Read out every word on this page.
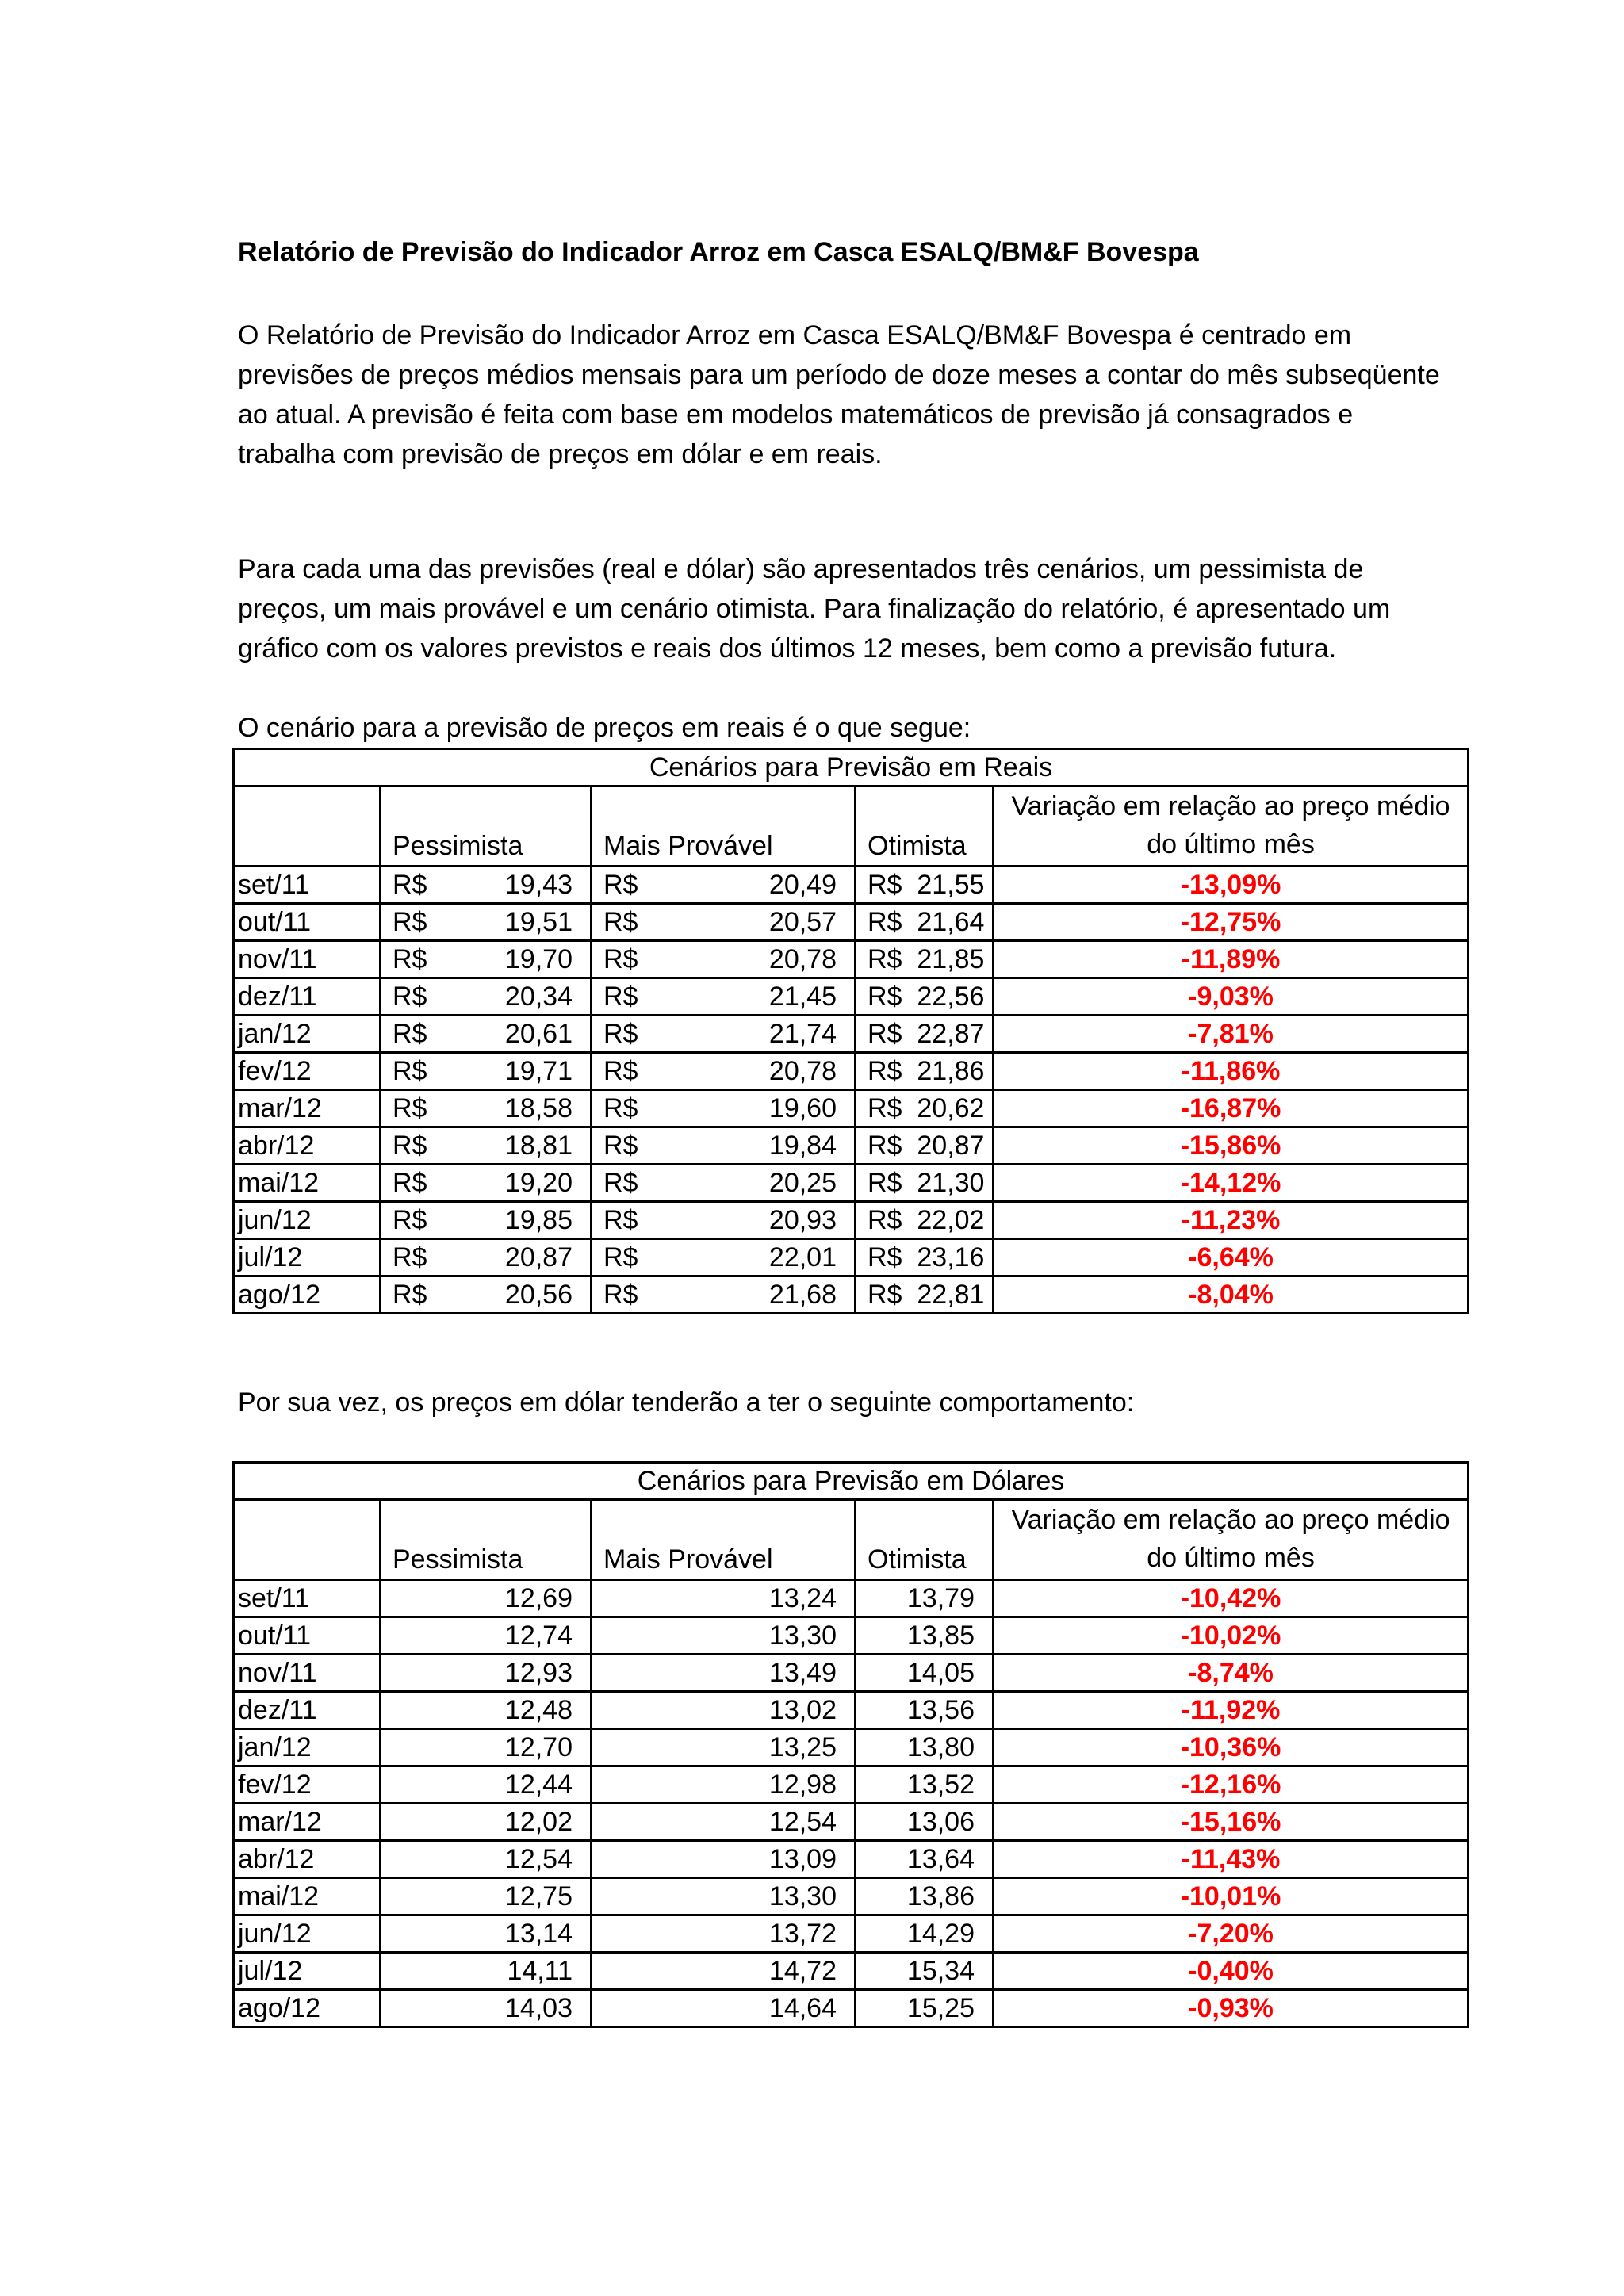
Relatório de Previsão do Indicador Arroz em Casca ESALQ/BM&F Bovespa
O Relatório de Previsão do Indicador Arroz em Casca ESALQ/BM&F Bovespa é centrado em
previsões de preços médios mensais para um período de doze meses a contar do mês subseqüente
ao atual. A previsão é feita com base em modelos matemáticos de previsão já consagrados e
trabalha com previsão de preços em dólar e em reais.
Para cada uma das previsões (real e dólar) são apresentados três cenários, um pessimista de
preços, um mais provável e um cenário otimista. Para finalização do relatório, é apresentado um
gráfico com os valores previstos e reais dos últimos 12 meses, bem como a previsão futura.
O cenário para a previsão de preços em reais é o que segue:
Cenários para Previsão em Reais				
	Pessimista	Mais Provável	Otimista	Variação em relação ao preço médio
do último mês

set/11	R$ 19,43	R$ 20,49	R$ 21,55	-13,09%
out/11	R$ 19,51	R$ 20,57	R$ 21,64	-12,75%
nov/11	R$ 19,70	R$ 20,78	R$ 21,85	-11,89%
dez/11	R$ 20,34	R$ 21,45	R$ 22,56	-9,03%
jan/12	R$ 20,61	R$ 21,74	R$ 22,87	-7,81%
fev/12	R$ 19,71	R$ 20,78	R$ 21,86	-11,86%
mar/12	R$ 18,58	R$ 19,60	R$ 20,62	-16,87%
abr/12	R$ 18,81	R$ 19,84	R$ 20,87	-15,86%
mai/12	R$ 19,20	R$ 20,25	R$ 21,30	-14,12%
jun/12	R$ 19,85	R$ 20,93	R$ 22,02	-11,23%
jul/12	R$ 20,87	R$ 22,01	R$ 23,16	-6,64%
ago/12	R$ 20,56	R$ 21,68	R$ 22,81	-8,04%
Por sua vez, os preços em dólar tenderão a ter o seguinte comportamento:
Cenários para Previsão em Dólares				
	Pessimista	Mais Provável	Otimista	Variação em relação ao preço médio
do último mês

set/11	12,69	13,24	13,79	-10,42%
out/11	12,74	13,30	13,85	-10,02%
nov/11	12,93	13,49	14,05	-8,74%
dez/11	12,48	13,02	13,56	-11,92%
jan/12	12,70	13,25	13,80	-10,36%
fev/12	12,44	12,98	13,52	-12,16%
mar/12	12,02	12,54	13,06	-15,16%
abr/12	12,54	13,09	13,64	-11,43%
mai/12	12,75	13,30	13,86	-10,01%
jun/12	13,14	13,72	14,29	-7,20%
jul/12	14,11	14,72	15,34	-0,40%
ago/12	14,03	14,64	15,25	-0,93%
